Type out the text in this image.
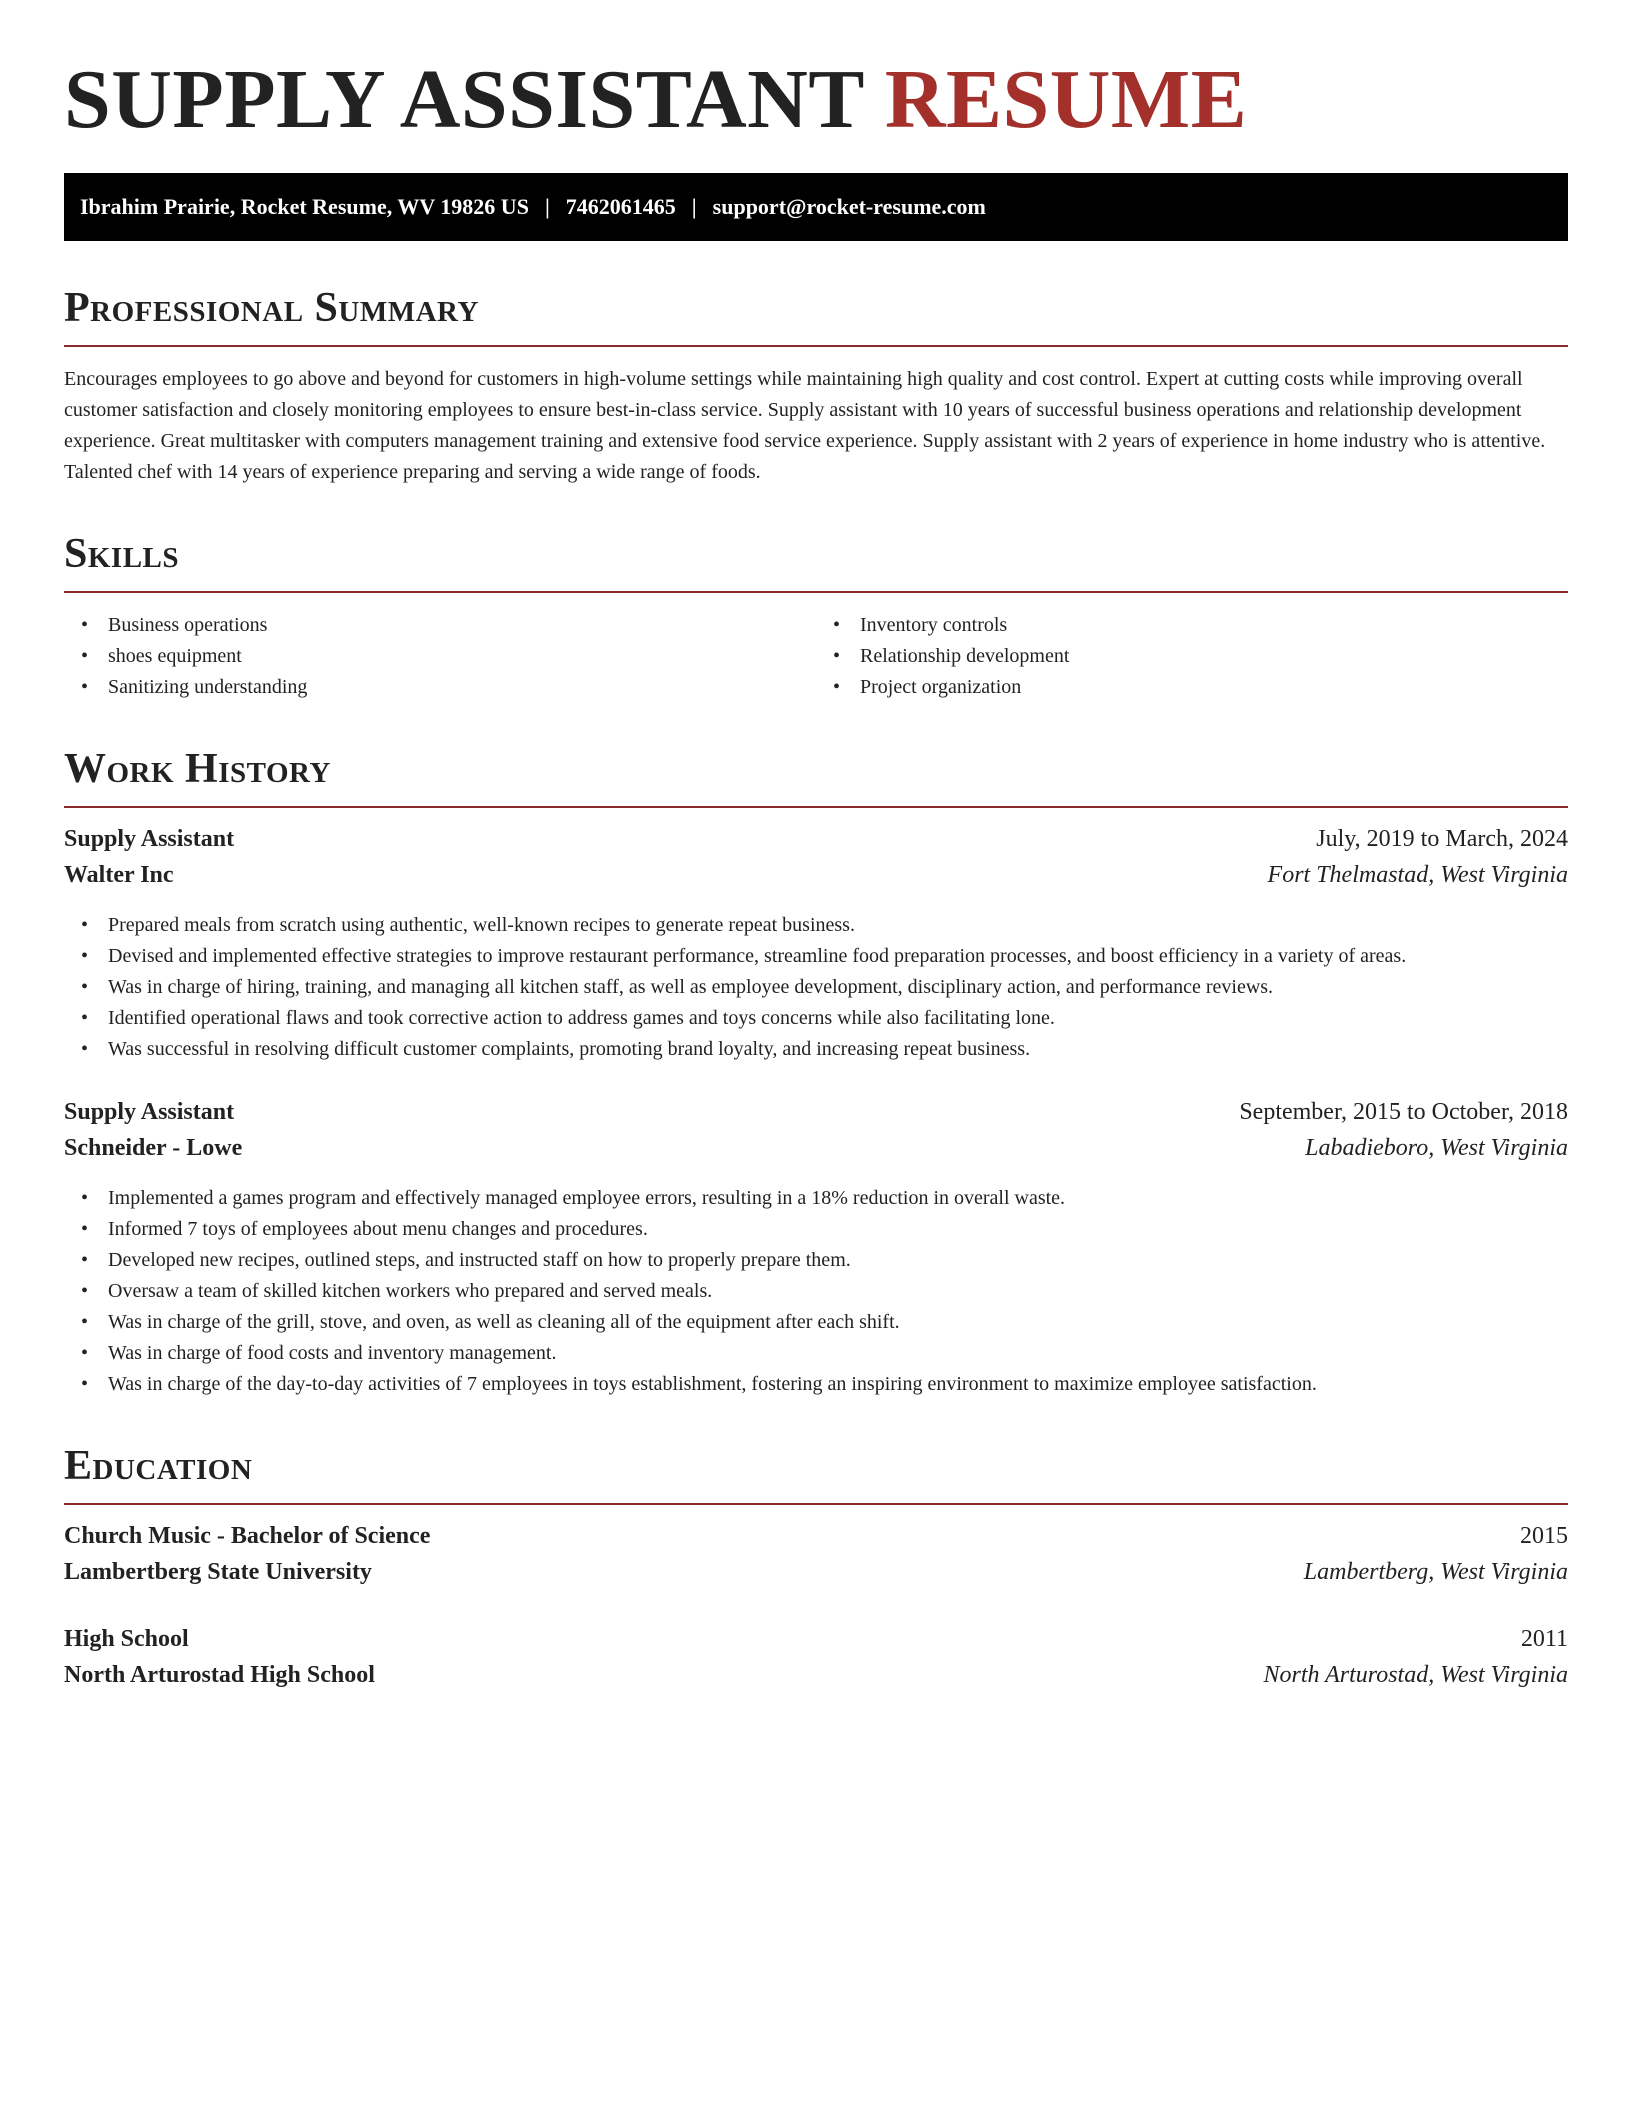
SUPPLY ASSISTANT RESUME
Ibrahim Prairie, Rocket Resume, WV 19826 US | 7462061465 | support@rocket-resume.com
Professional Summary

Encourages employees to go above and beyond for customers in high-volume settings while maintaining high quality and cost control. Expert at cutting costs while improving overall customer satisfaction and closely monitoring employees to ensure best-in-class service. Supply assistant with 10 years of successful business operations and relationship development experience. Great multitasker with computers management training and extensive food service experience. Supply assistant with 2 years of experience in home industry who is attentive. Talented chef with 14 years of experience preparing and serving a wide range of foods.

Skills
• Business operations
• shoes equipment
• Sanitizing understanding
• Inventory controls
• Relationship development
• Project organization
Work History
Supply Assistant	July, 2019 to March, 2024
Walter Inc	Fort Thelmastad, West Virginia
• Prepared meals from scratch using authentic, well-known recipes to generate repeat business.
• Devised and implemented effective strategies to improve restaurant performance, streamline food preparation processes, and boost efficiency in a variety of areas.
• Was in charge of hiring, training, and managing all kitchen staff, as well as employee development, disciplinary action, and performance reviews.
• Identified operational flaws and took corrective action to address games and toys concerns while also facilitating lone.
• Was successful in resolving difficult customer complaints, promoting brand loyalty, and increasing repeat business.
Supply Assistant	September, 2015 to October, 2018
Schneider - Lowe	Labadieboro, West Virginia
• Implemented a games program and effectively managed employee errors, resulting in a 18% reduction in overall waste.
• Informed 7 toys of employees about menu changes and procedures.
• Developed new recipes, outlined steps, and instructed staff on how to properly prepare them.
• Oversaw a team of skilled kitchen workers who prepared and served meals.
• Was in charge of the grill, stove, and oven, as well as cleaning all of the equipment after each shift.
• Was in charge of food costs and inventory management.
• Was in charge of the day-to-day activities of 7 employees in toys establishment, fostering an inspiring environment to maximize employee satisfaction.
Education
Church Music - Bachelor of Science	2015
Lambertberg State University	Lambertberg, West Virginia
High School	2011
North Arturostad High School	North Arturostad, West Virginia
